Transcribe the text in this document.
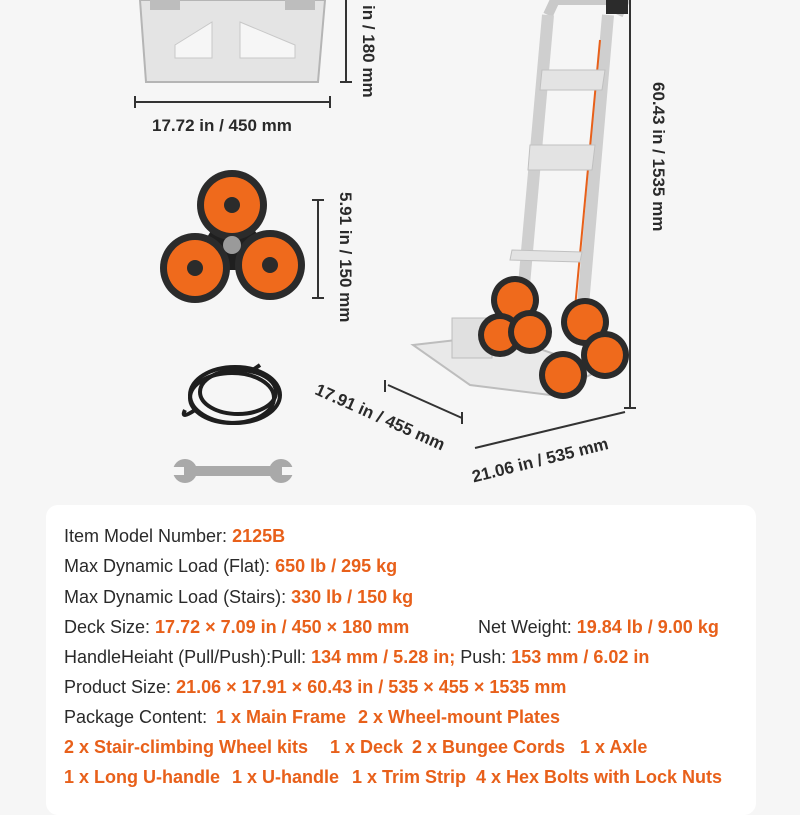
in / 180 mm
17.72 in / 450 mm
5.91 in / 150 mm
60.43 in / 1535 mm
17.91 in / 455 mm
21.06 in / 535 mm
Item Model Number: 2125B
Max Dynamic Load (Flat): 650 lb / 295 kg
Max Dynamic Load (Stairs): 330 lb / 150 kg
Deck Size: 17.72 × 7.09 in / 450 × 180 mm	Net Weight: 19.84 lb / 9.00 kg
HandleHeiaht (Pull/Push):Pull: 134 mm / 5.28 in; Push: 153 mm / 6.02 in
Product Size: 21.06 × 17.91 × 60.43 in / 535 × 455 × 1535 mm
Package Content: 1 x Main Frame 2 x Wheel-mount Plates
2 x Stair-climbing Wheel kits 1 x Deck 2 x Bungee Cords 1 x Axle
1 x Long U-handle 1 x U-handle 1 x Trim Strip 4 x Hex Bolts with Lock Nuts
